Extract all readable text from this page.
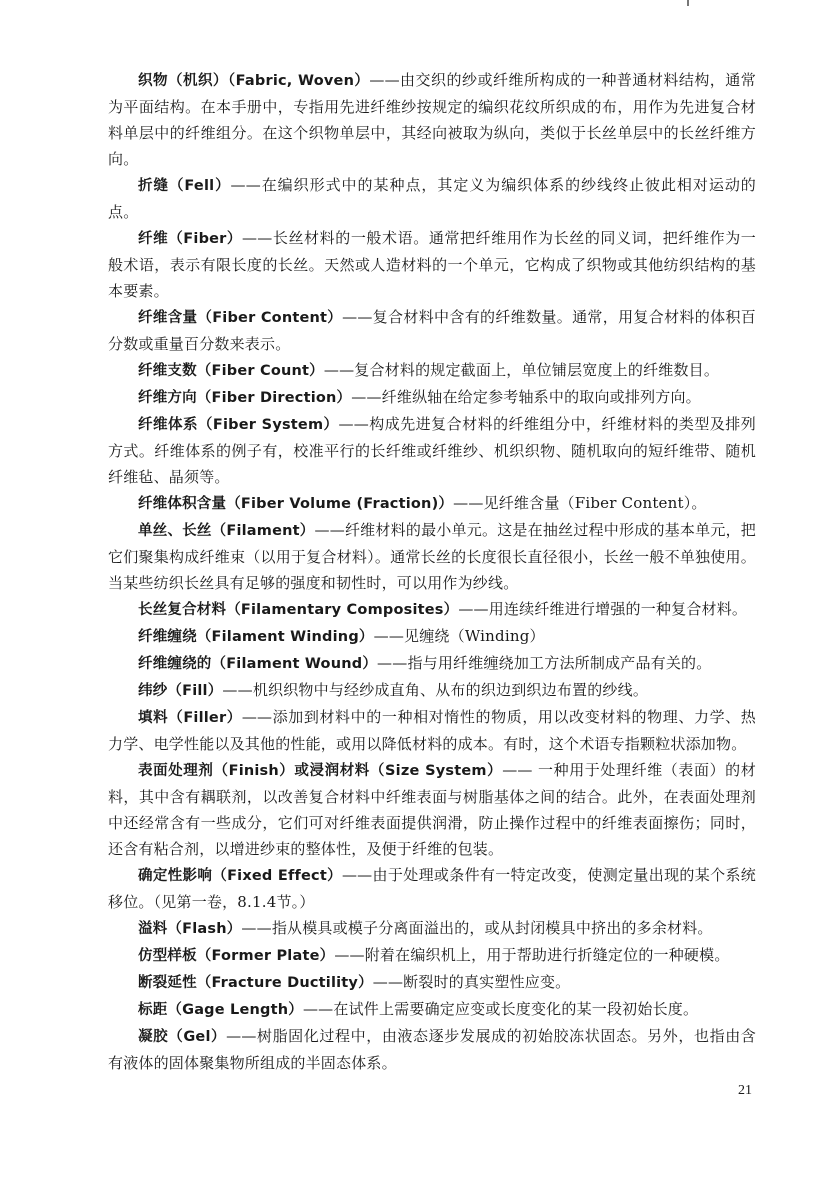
织物（机织）（Fabric, Woven）——由交织的纱或纤维所构成的一种普通材料结构，通常为平面结构。在本手册中，专指用先进纤维纱按规定的编织花纹所织成的布，用作为先进复合材料单层中的纤维组分。在这个织物单层中，其经向被取为纵向，类似于长丝单层中的长丝纤维方向。

折缝（Fell）——在编织形式中的某种点，其定义为编织体系的纱线终止彼此相对运动的点。

纤维（Fiber）——长丝材料的一般术语。通常把纤维用作为长丝的同义词，把纤维作为一般术语，表示有限长度的长丝。天然或人造材料的一个单元，它构成了织物或其他纺织结构的基本要素。

纤维含量（Fiber Content）——复合材料中含有的纤维数量。通常，用复合材料的体积百分数或重量百分数来表示。

纤维支数（Fiber Count）——复合材料的规定截面上，单位铺层宽度上的纤维数目。

纤维方向（Fiber Direction）——纤维纵轴在给定参考轴系中的取向或排列方向。

纤维体系（Fiber System）——构成先进复合材料的纤维组分中，纤维材料的类型及排列方式。纤维体系的例子有，校准平行的长纤维或纤维纱、机织织物、随机取向的短纤维带、随机纤维毡、晶须等。

纤维体积含量（Fiber Volume (Fraction)）——见纤维含量（Fiber Content）。

单丝、长丝（Filament）——纤维材料的最小单元。这是在抽丝过程中形成的基本单元，把它们聚集构成纤维束（以用于复合材料）。通常长丝的长度很长直径很小，长丝一般不单独使用。当某些纺织长丝具有足够的强度和韧性时，可以用作为纱线。

长丝复合材料（Filamentary Composites）——用连续纤维进行增强的一种复合材料。

纤维缠绕（Filament Winding）——见缠绕（Winding）

纤维缠绕的（Filament Wound）——指与用纤维缠绕加工方法所制成产品有关的。

纬纱（Fill）——机织织物中与经纱成直角、从布的织边到织边布置的纱线。

填料（Filler）——添加到材料中的一种相对惰性的物质，用以改变材料的物理、力学、热力学、电学性能以及其他的性能，或用以降低材料的成本。有时，这个术语专指颗粒状添加物。

表面处理剂（Finish）或浸润材料（Size System）—— 一种用于处理纤维（表面）的材料，其中含有耦联剂，以改善复合材料中纤维表面与树脂基体之间的结合。此外，在表面处理剂中还经常含有一些成分，它们可对纤维表面提供润滑，防止操作过程中的纤维表面擦伤；同时，还含有粘合剂，以增进纱束的整体性，及便于纤维的包装。

确定性影响（Fixed Effect）——由于处理或条件有一特定改变，使测定量出现的某个系统移位。（见第一卷，8.1.4节。）

溢料（Flash）——指从模具或模子分离面溢出的，或从封闭模具中挤出的多余材料。

仿型样板（Former Plate）——附着在编织机上，用于帮助进行折缝定位的一种硬模。

断裂延性（Fracture Ductility）——断裂时的真实塑性应变。

标距（Gage Length）——在试件上需要确定应变或长度变化的某一段初始长度。

凝胶（Gel）——树脂固化过程中，由液态逐步发展成的初始胶冻状固态。另外，也指由含有液体的固体聚集物所组成的半固态体系。

21
